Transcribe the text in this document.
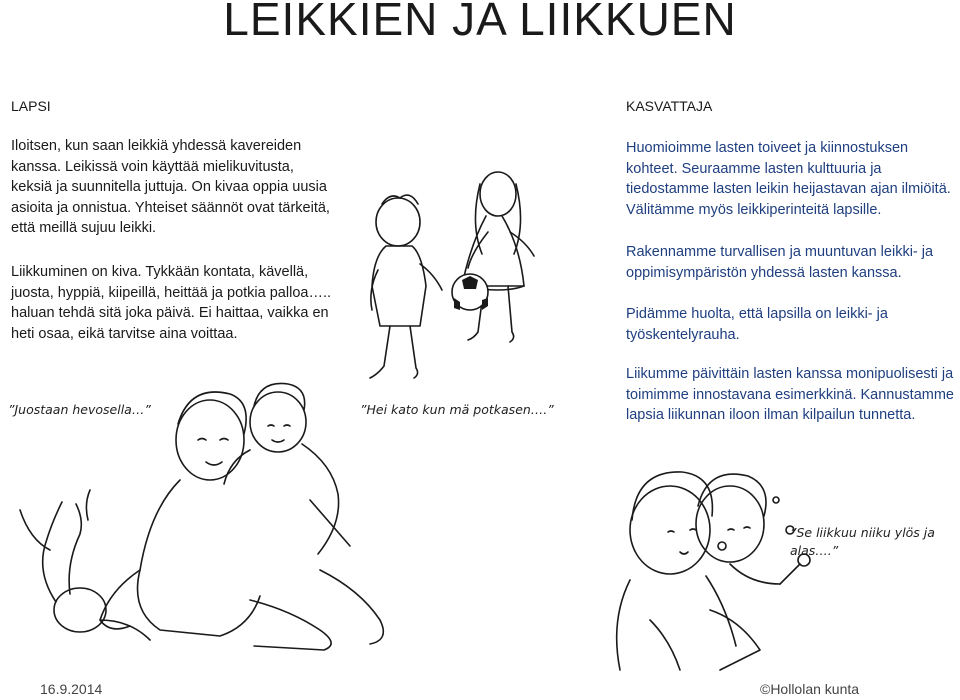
LEIKKIEN JA LIIKKUEN
LAPSI

Iloitsen, kun saan leikkiä yhdessä kavereiden kanssa. Leikissä voin käyttää mielikuvitusta, keksiä ja suunnitella juttuja. On kivaa oppia uusia asioita ja onnistua. Yhteiset säännöt ovat tärkeitä, että meillä sujuu leikki.

Liikkuminen on kiva. Tykkään kontata, kävellä, juosta, hyppiä, kiipeillä, heittää ja potkia palloa….. haluan tehdä sitä joka päivä. Ei haittaa, vaikka en heti osaa, eikä tarvitse aina voittaa.

KASVATTAJA

Huomioimme lasten toiveet ja kiinnostuksen kohteet. Seuraamme lasten kulttuuria ja tiedostamme lasten leikin heijastavan ajan ilmiöitä. Välitämme myös leikkiperinteitä lapsille.

Rakennamme turvallisen ja muuntuvan leikki- ja oppimisympäristön yhdessä lasten kanssa.

Pidämme huolta, että lapsilla on leikki- ja työskentelyrauha.

Liikumme päivittäin lasten kanssa monipuolisesti ja toimimme innostavana esimerkkinä. Kannustamme lapsia liikunnan iloon ilman kilpailun tunnetta.

”Juostaan hevosella…”	”Hei kato kun mä potkasen….”
”Se liikkuu niiku ylös ja alas….”
16.9.2014	©Hollolan kunta
